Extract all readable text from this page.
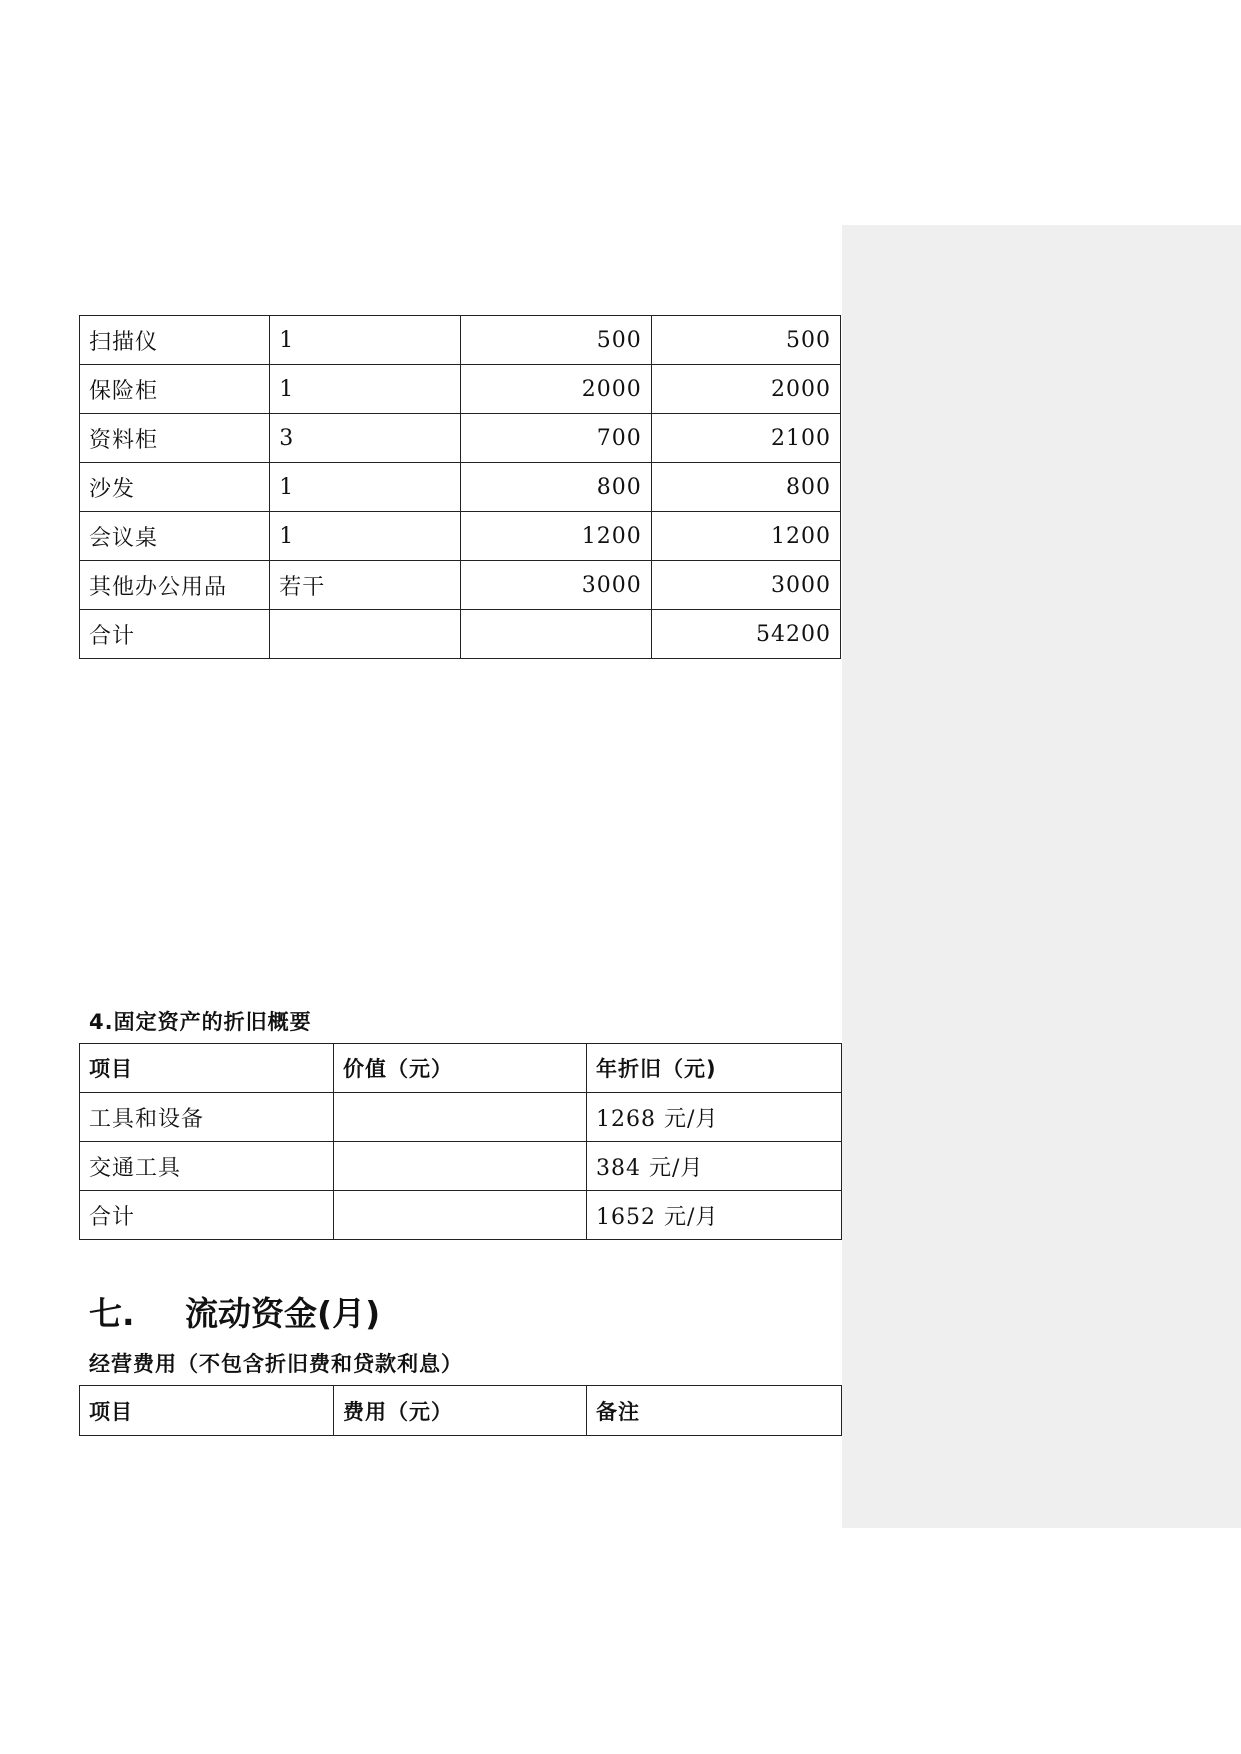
扫描仪	1	500	500
保险柜	1	2000	2000
资料柜	3	700	2100
沙发	1	800	800
会议桌	1	1200	1200
其他办公用品	若干	3000	3000
合计			54200
4.固定资产的折旧概要
项目	价值（元）	年折旧（元)
工具和设备		1268 元/月
交通工具		384 元/月
合计		1652 元/月
七. 流动资金(月)
经营费用（不包含折旧费和贷款利息）
项目	费用（元）	备注
